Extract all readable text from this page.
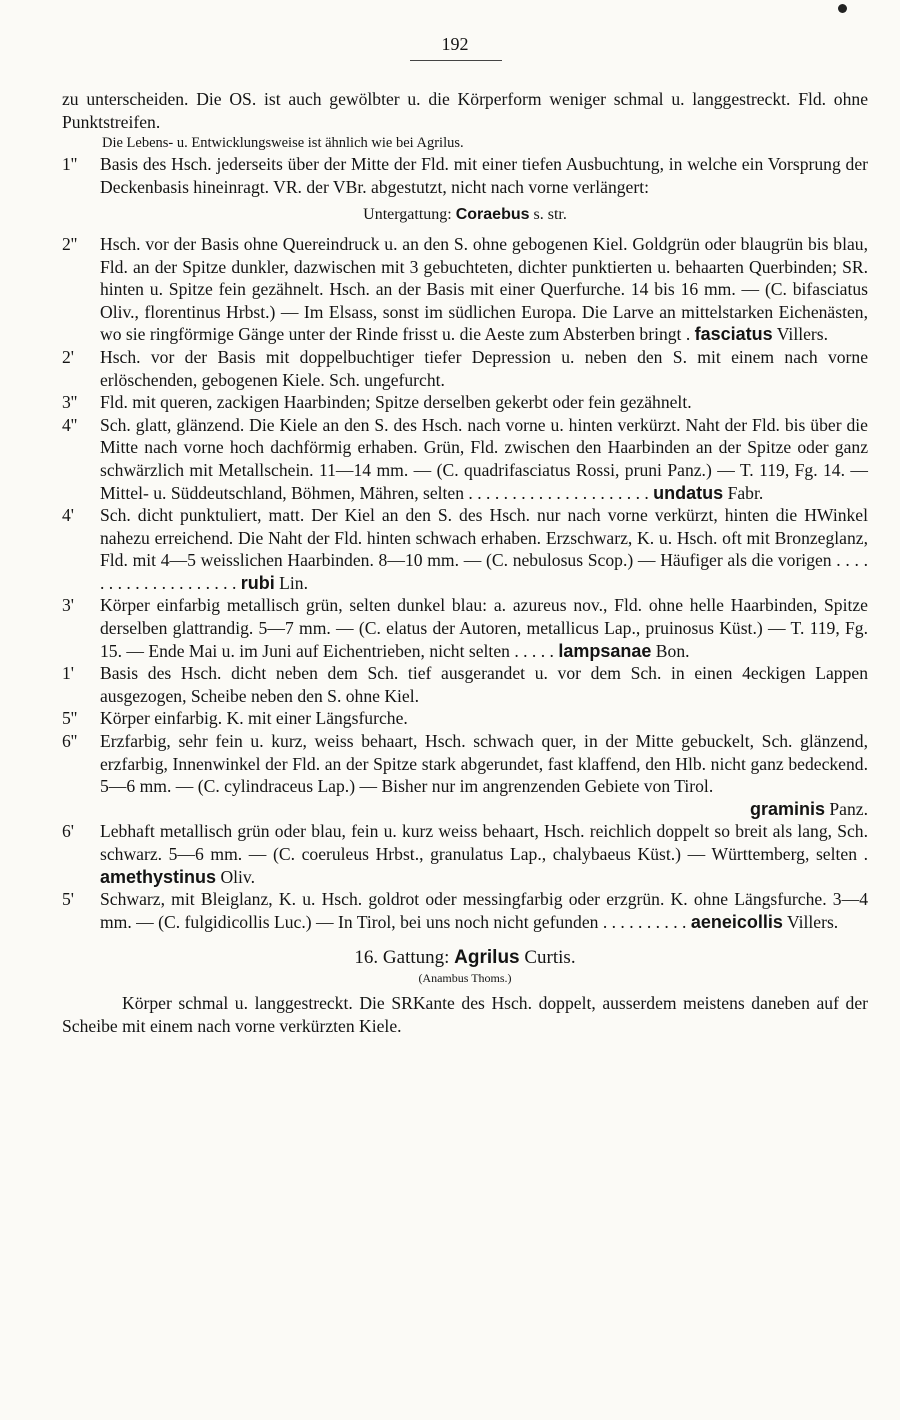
192

zu unterscheiden. Die OS. ist auch gewölbter u. die Körperform weniger schmal u. langgestreckt. Fld. ohne Punktstreifen.

Die Lebens- u. Entwicklungsweise ist ähnlich wie bei Agrilus.

1''	Basis des Hsch. jederseits über der Mitte der Fld. mit einer tiefen Ausbuchtung, in welche ein Vorsprung der Deckenbasis hineinragt. VR. der VBr. abgestutzt, nicht nach vorne verlängert:
Untergattung: Coraebus s. str.
2''	Hsch. vor der Basis ohne Quereindruck u. an den S. ohne gebogenen Kiel. Goldgrün oder blaugrün bis blau, Fld. an der Spitze dunkler, dazwischen mit 3 gebuchteten, dichter punktierten u. behaarten Querbinden; SR. hinten u. Spitze fein gezähnelt. Hsch. an der Basis mit einer Querfurche. 14 bis 16 mm. — (C. bifasciatus Oliv., florentinus Hrbst.) — Im Elsass, sonst im südlichen Europa. Die Larve an mittelstarken Eichenästen, wo sie ringförmige Gänge unter der Rinde frisst u. die Aeste zum Absterben bringt . fasciatus Villers.
2'	Hsch. vor der Basis mit doppelbuchtiger tiefer Depression u. neben den S. mit einem nach vorne erlöschenden, gebogenen Kiele. Sch. ungefurcht.
3''	Fld. mit queren, zackigen Haarbinden; Spitze derselben gekerbt oder fein gezähnelt.
4''	Sch. glatt, glänzend. Die Kiele an den S. des Hsch. nach vorne u. hinten verkürzt. Naht der Fld. bis über die Mitte nach vorne hoch dachförmig erhaben. Grün, Fld. zwischen den Haarbinden an der Spitze oder ganz schwärzlich mit Metallschein. 11—14 mm. — (C. quadrifasciatus Rossi, pruni Panz.) — T. 119, Fg. 14. — Mittel- u. Süddeutschland, Böhmen, Mähren, selten . . . . . . . . . . . . . . . . . . . . . undatus Fabr.
4'	Sch. dicht punktuliert, matt. Der Kiel an den S. des Hsch. nur nach vorne verkürzt, hinten die HWinkel nahezu erreichend. Die Naht der Fld. hinten schwach erhaben. Erzschwarz, K. u. Hsch. oft mit Bronzeglanz, Fld. mit 4—5 weisslichen Haarbinden. 8—10 mm. — (C. nebulosus Scop.) — Häufiger als die vorigen . . . . . . . . . . . . . . . . . . . . rubi Lin.
3'	Körper einfarbig metallisch grün, selten dunkel blau: a. azureus nov., Fld. ohne helle Haarbinden, Spitze derselben glattrandig. 5—7 mm. — (C. elatus der Autoren, metallicus Lap., pruinosus Küst.) — T. 119, Fg. 15. — Ende Mai u. im Juni auf Eichentrieben, nicht selten . . . . . lampsanae Bon.
1'	Basis des Hsch. dicht neben dem Sch. tief ausgerandet u. vor dem Sch. in einen 4eckigen Lappen ausgezogen, Scheibe neben den S. ohne Kiel.
5''	Körper einfarbig. K. mit einer Längsfurche.
6''	Erzfarbig, sehr fein u. kurz, weiss behaart, Hsch. schwach quer, in der Mitte gebuckelt, Sch. glänzend, erzfarbig, Innenwinkel der Fld. an der Spitze stark abgerundet, fast klaffend, den Hlb. nicht ganz bedeckend. 5—6 mm. — (C. cylindraceus Lap.) — Bisher nur im angrenzenden Gebiete von Tirol.
graminis Panz.
6'	Lebhaft metallisch grün oder blau, fein u. kurz weiss behaart, Hsch. reichlich doppelt so breit als lang, Sch. schwarz. 5—6 mm. — (C. coeruleus Hrbst., granulatus Lap., chalybaeus Küst.) — Württemberg, selten . amethystinus Oliv.
5'	Schwarz, mit Bleiglanz, K. u. Hsch. goldrot oder messingfarbig oder erzgrün. K. ohne Längsfurche. 3—4 mm. — (C. fulgidicollis Luc.) — In Tirol, bei uns noch nicht gefunden . . . . . . . . . . aeneicollis Villers.
16. Gattung: Agrilus Curtis.
(Anambus Thoms.)

Körper schmal u. langgestreckt. Die SRKante des Hsch. doppelt, ausserdem meistens daneben auf der Scheibe mit einem nach vorne verkürzten Kiele.
